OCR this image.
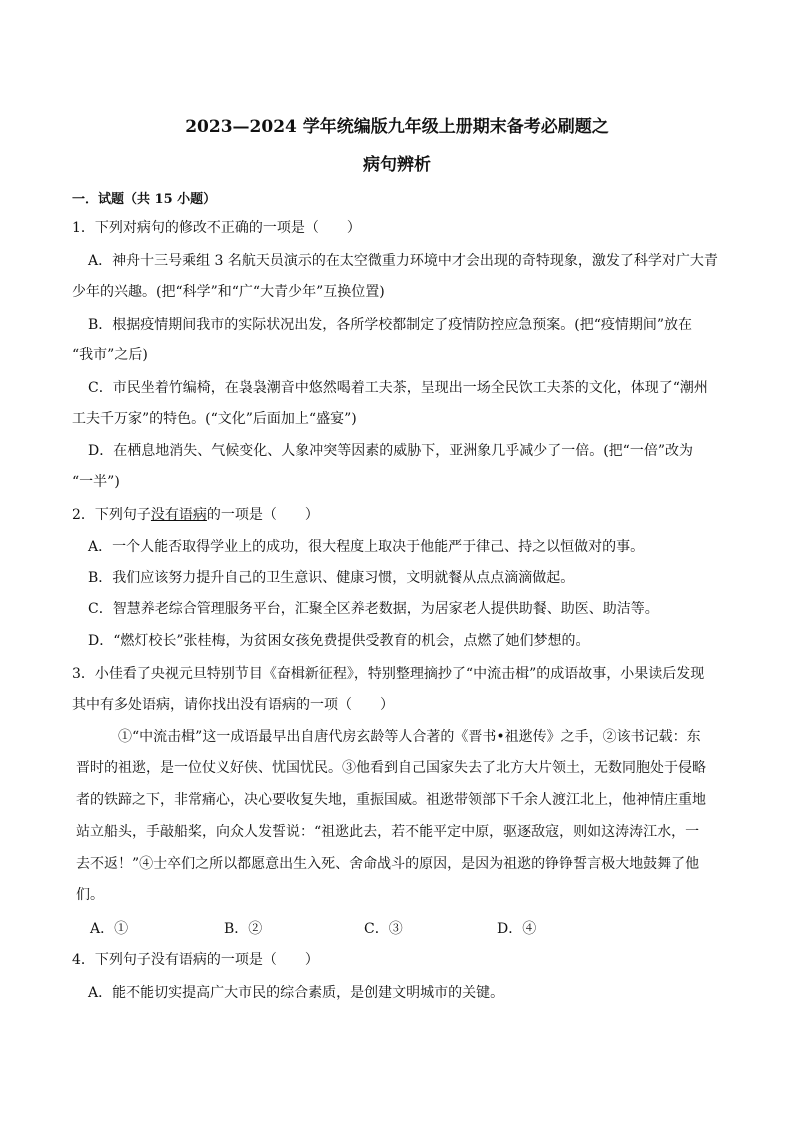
2023—2024 学年统编版九年级上册期末备考必刷题之
病句辨析
一．试题（共 15 小题）
1．下列对病句的修改不正确的一项是（　　）
A．神舟十三号乘组 3 名航天员演示的在太空微重力环境中才会出现的奇特现象，激发了科学对广大青
少年的兴趣。(把“科学”和“广“大青少年”互换位置)
B．根据疫情期间我市的实际状况出发，各所学校都制定了疫情防控应急预案。(把“疫情期间”放在
“我市”之后)
C．市民坐着竹编椅，在袅袅潮音中悠然喝着工夫茶，呈现出一场全民饮工夫茶的文化，体现了“潮州
工夫千万家”的特色。(“文化”后面加上“盛宴”)
D．在栖息地消失、气候变化、人象冲突等因素的威胁下，亚洲象几乎减少了一倍。(把“一倍”改为
“一半”)
2．下列句子没有语病的一项是（　　）
A．一个人能否取得学业上的成功，很大程度上取决于他能严于律己、持之以恒做对的事。
B．我们应该努力提升自己的卫生意识、健康习惯，文明就餐从点点滴滴做起。
C．智慧养老综合管理服务平台，汇聚全区养老数据，为居家老人提供助餐、助医、助洁等。
D．“燃灯校长”张桂梅，为贫困女孩免费提供受教育的机会，点燃了她们梦想的。
3．小佳看了央视元旦特别节目《奋楫新征程》，特别整理摘抄了“中流击楫”的成语故事，小果读后发现
其中有多处语病，请你找出没有语病的一项（　　）
①“中流击楫”这一成语最早出自唐代房玄龄等人合著的《晋书•祖逖传》之手，②该书记载：东
晋时的祖逖，是一位仗义好侠、忧国忧民。③他看到自己国家失去了北方大片领土，无数同胞处于侵略
者的铁蹄之下，非常痛心，决心要收复失地，重振国威。祖逖带领部下千余人渡江北上，他神情庄重地
站立船头，手敲船桨，向众人发誓说：“祖逖此去，若不能平定中原，驱逐敌寇，则如这涛涛江水，一
去不返！”④士卒们之所以都愿意出生入死、舍命战斗的原因，是因为祖逖的铮铮誓言极大地鼓舞了他
们。
A．①	B．②	C．③	D．④
4．下列句子没有语病的一项是（　　）
A．能不能切实提高广大市民的综合素质，是创建文明城市的关键。
